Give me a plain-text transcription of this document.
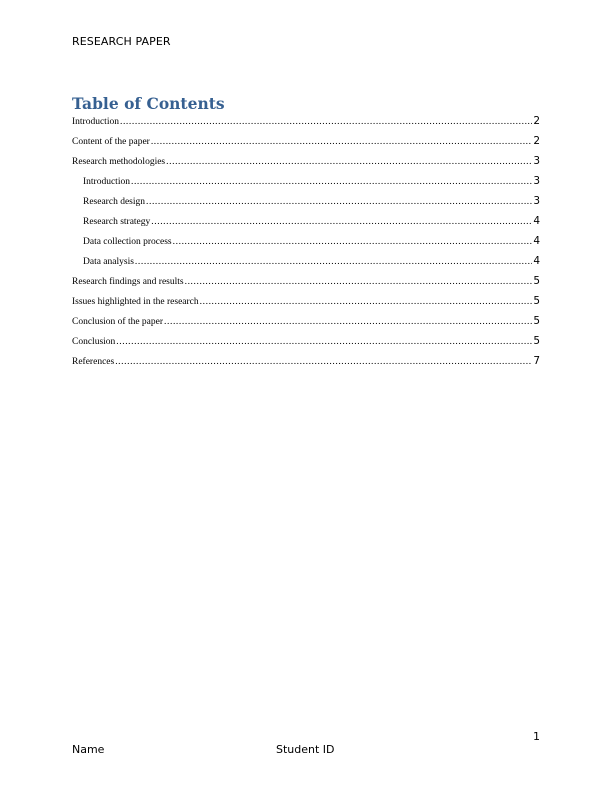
RESEARCH PAPER
Table of Contents
Introduction .....	2
Content of the paper .....	2
Research methodologies .....	3
Introduction .....	3
Research design .....	3
Research strategy .....	4
Data collection process .....	4
Data analysis .....	4
Research findings and results .....	5
Issues highlighted in the research .....	5
Conclusion of the paper .....	5
Conclusion .....	5
References .....	7
1
Name	Student ID
